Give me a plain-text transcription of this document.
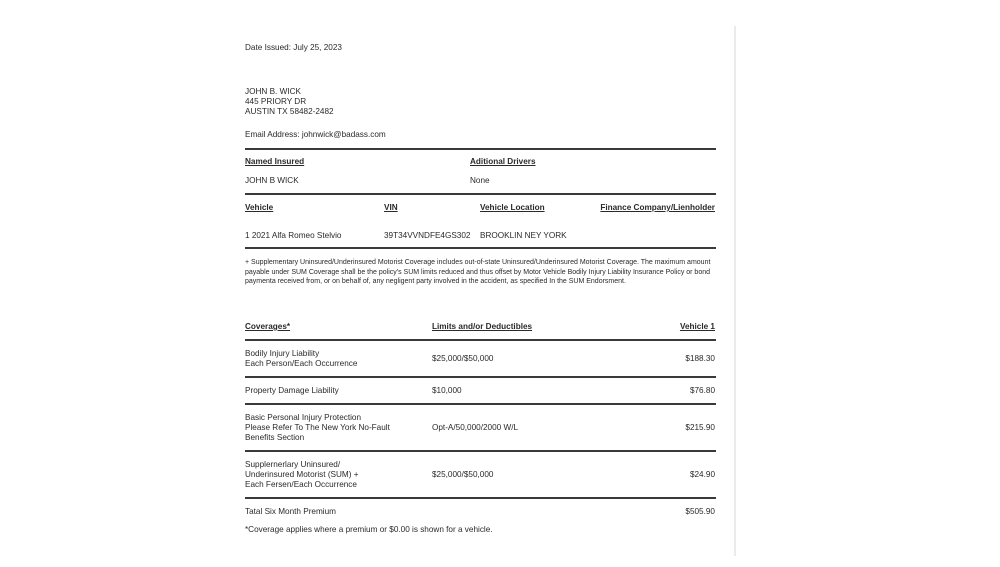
Date Issued: July 25, 2023
JOHN B. WICK
445 PRIORY DR
AUSTIN TX 58482-2482
Email Address: johnwick@badass.com
Named Insured	Aditional Drivers
JOHN B WICK	None
Vehicle	VIN	Vehicle Location	Finance Company/Lienholder
1 2021 Alfa Romeo Stelvio	39T34VVNDFE4GS302 BROOKLIN NEY YORK
+ Supplementary Uninsured/Underinsured Motorist Coverage includes out-of-state Uninsured/Underinsured Motorist Coverage. The maximum amount payable under SUM Coverage shall be the policy's SUM limits reduced and thus offset by Motor Vehicle Bodily Injury Liability Insurance Policy or bond paymenta received from, or on behalf of, any negligent party involved in the accident, as specified In the SUM Endorsment.
Coverages*	Limits and/or Deductibles	Vehicle 1
Bodily Injury Liability
Each Person/Each Occurrence
$25,000/$50,000	$188.30
Property Damage Liability	$10,000	$76.80
Basic Personal Injury Protection
Please Refer To The New York No-Fault
Benefits Section
Opt-A/50,000/2000 W/L	$215.90
Supplernerlary Uninsured/
Underinsured Motorist (SUM) +
Each Fersen/Each Occurrence
$25,000/$50,000	$24.90
Tatal Six Month Premium	$505.90
*Coverage applies where a premium or $0.00 is shown for a vehicle.
